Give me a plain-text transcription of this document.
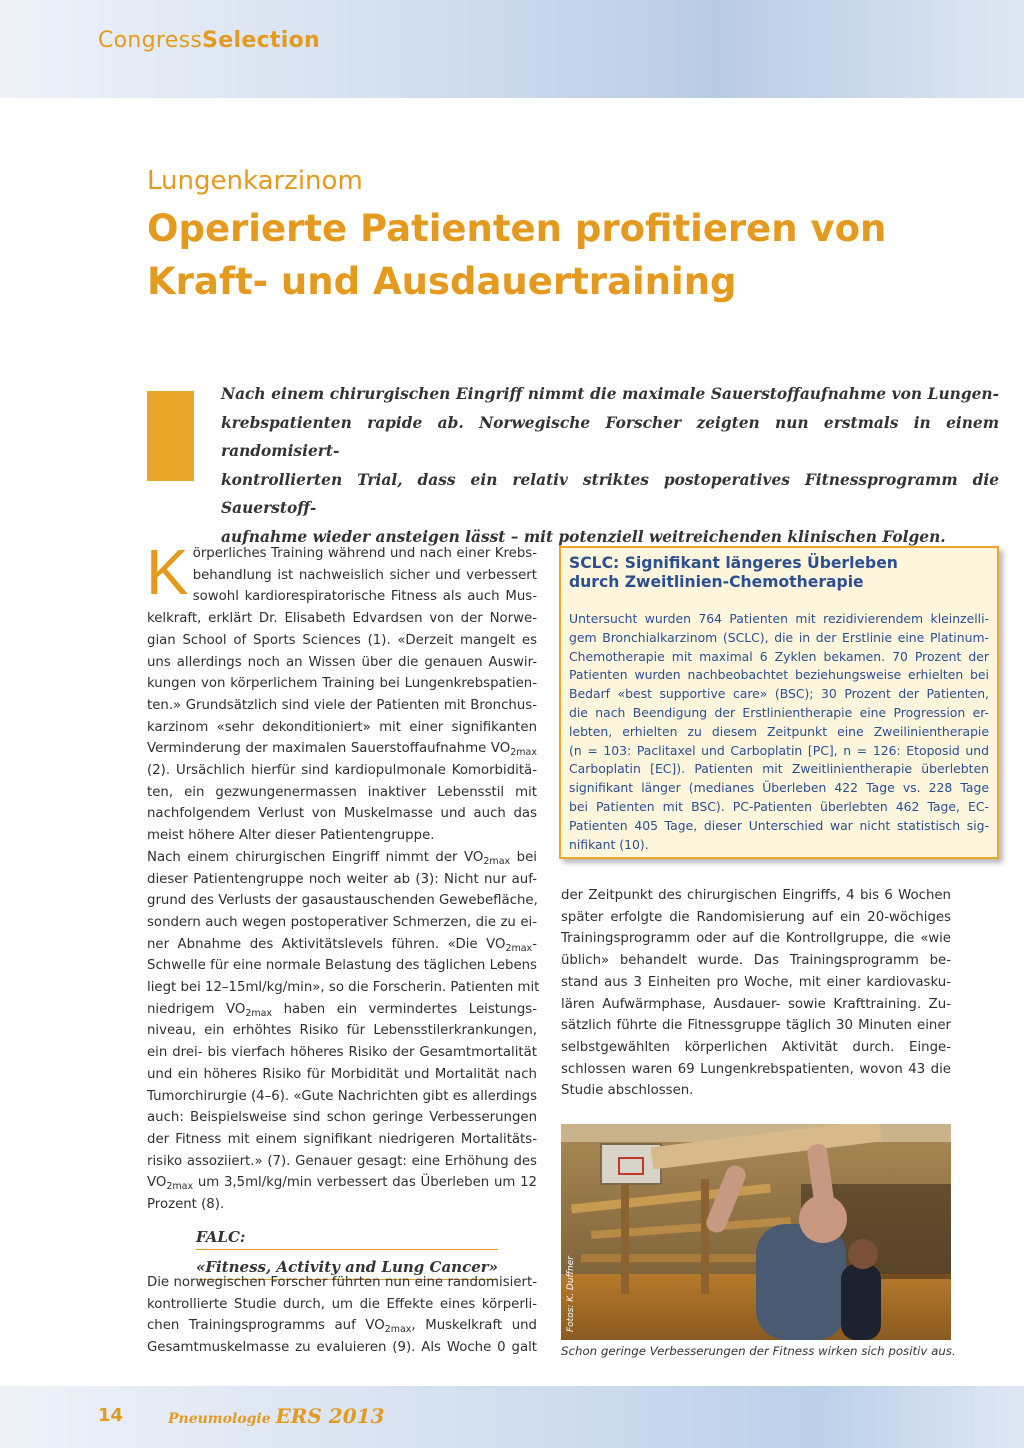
CongressSelection
Lungenkarzinom
Operierte Patienten profitieren von Kraft- und Ausdauertraining
Nach einem chirurgischen Eingriff nimmt die maximale Sauerstoffaufnahme von Lungen-
krebspatienten rapide ab. Norwegische Forscher zeigten nun erstmals in einem randomisiert-
kontrollierten Trial, dass ein relativ striktes postoperatives Fitnessprogramm die Sauerstoff-
aufnahme wieder ansteigen lässt – mit potenziell weitreichenden klinischen Folgen.
K örperliches Training während und nach einer Krebs-
behandlung ist nachweislich sicher und verbessert
sowohl kardiorespiratorische Fitness als auch Mus-
kelkraft, erklärt Dr. Elisabeth Edvardsen von der Norwe-
gian School of Sports Sciences (1). «Derzeit mangelt es
uns allerdings noch an Wissen über die genauen Auswir-
kungen von körperlichem Training bei Lungenkrebspatien-
ten.» Grundsätzlich sind viele der Patienten mit Bronchus-
karzinom «sehr dekonditioniert» mit einer signifikanten
Verminderung der maximalen Sauerstoffaufnahme $VO_{2max}$
(2). Ursächlich hierfür sind kardiopulmonale Komorbiditä-
ten, ein gezwungenermassen inaktiver Lebensstil mit
nachfolgendem Verlust von Muskelmasse und auch das
meist höhere Alter dieser Patientengruppe.
Nach einem chirurgischen Eingriff nimmt der $VO_{2max}$ bei
dieser Patientengruppe noch weiter ab (3): Nicht nur auf-
grund des Verlusts der gasaustauschenden Gewebefläche,
sondern auch wegen postoperativer Schmerzen, die zu ei-
ner Abnahme des Aktivitätslevels führen. «Die $VO_{2max}-$
Schwelle für eine normale Belastung des täglichen Lebens
liegt bei 12–15ml/kg/min», so die Forscherin. Patienten mit
niedrigem $VO_{2max}$ haben ein vermindertes Leistungs-
niveau, ein erhöhtes Risiko für Lebensstilerkrankungen,
ein drei- bis vierfach höheres Risiko der Gesamtmortalität
und ein höheres Risiko für Morbidität und Mortalität nach
Tumorchirurgie (4–6). «Gute Nachrichten gibt es allerdings
auch: Beispielsweise sind schon geringe Verbesserungen
der Fitness mit einem signifikant niedrigeren Mortalitäts-
risiko assoziiert.» (7). Genauer gesagt: eine Erhöhung des
$VO_{2max}$ um 3,5ml/kg/min verbessert das Überleben um 12
Prozent (8).
FALC:
«Fitness, Activity and Lung Cancer»
Die norwegischen Forscher führten nun eine randomisiert-
kontrollierte Studie durch, um die Effekte eines körperli-
chen Trainingsprogramms auf $VO_{2max}$, Muskelkraft und
Gesamtmuskelmasse zu evaluieren (9). Als Woche 0 galt
SCLC: Signifikant längeres Überleben
durch Zweitlinien-Chemotherapie
Untersucht wurden 764 Patienten mit rezidivierendem kleinzelli-
gem Bronchialkarzinom (SCLC), die in der Erstlinie eine Platinum-
Chemotherapie mit maximal 6 Zyklen bekamen. 70 Prozent der
Patienten wurden nachbeobachtet beziehungsweise erhielten bei
Bedarf «best supportive care» (BSC); 30 Prozent der Patienten,
die nach Beendigung der Erstlinientherapie eine Progression er-
lebten, erhielten zu diesem Zeitpunkt eine Zweilinientherapie
(n = 103: Paclitaxel und Carboplatin [PC], n = 126: Etoposid und
Carboplatin [EC]). Patienten mit Zweitlinientherapie überlebten
signifikant länger (medianes Überleben 422 Tage vs. 228 Tage
bei Patienten mit BSC). PC-Patienten überlebten 462 Tage, EC-
Patienten 405 Tage, dieser Unterschied war nicht statistisch sig-
nifikant (10).
der Zeitpunkt des chirurgischen Eingriffs, 4 bis 6 Wochen
später erfolgte die Randomisierung auf ein 20-wöchiges
Trainingsprogramm oder auf die Kontrollgruppe, die «wie
üblich» behandelt wurde. Das Trainingsprogramm be-
stand aus 3 Einheiten pro Woche, mit einer kardiovasku-
lären Aufwärmphase, Ausdauer- sowie Krafttraining. Zu-
sätzlich führte die Fitnessgruppe täglich 30 Minuten einer
selbstgewählten körperlichen Aktivität durch. Einge-
schlossen waren 69 Lungenkrebspatienten, wovon 43 die
Studie abschlossen.
Fotos: K. Duffner
Schon geringe Verbesserungen der Fitness wirken sich positiv aus.
14	Pneumologie ERS 2013
